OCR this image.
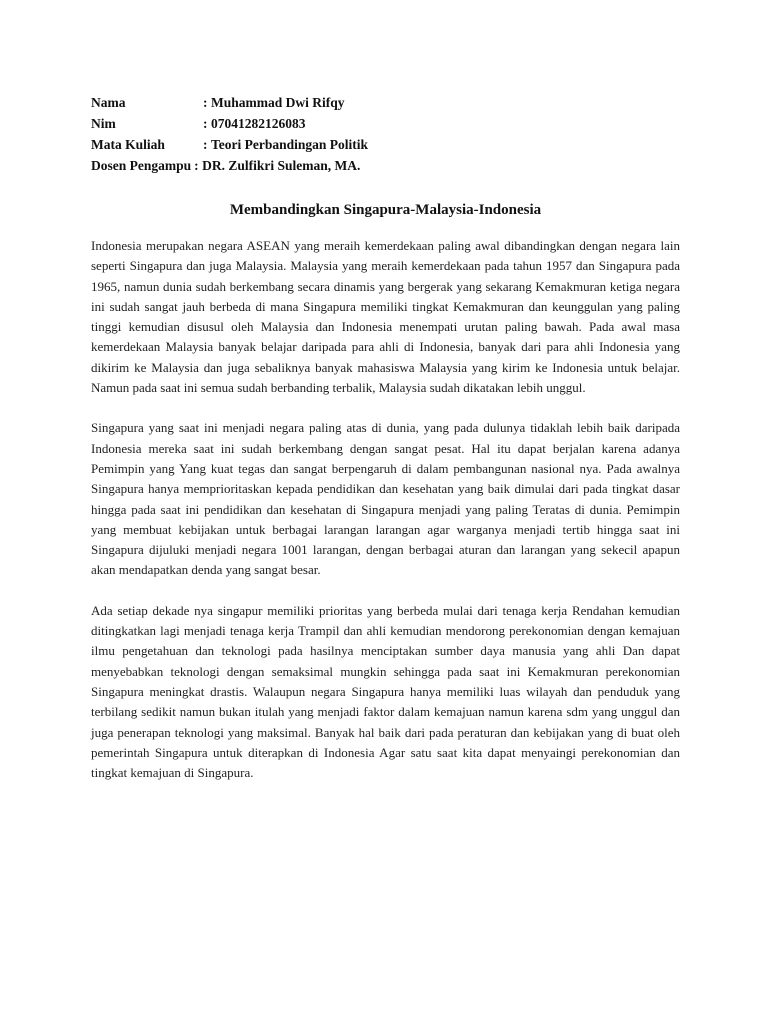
Nama	: Muhammad Dwi Rifqy
Nim	: 07041282126083
Mata Kuliah	: Teori Perbandingan Politik
Dosen Pengampu : DR. Zulfikri Suleman, MA.
Membandingkan Singapura-Malaysia-Indonesia

Indonesia merupakan negara ASEAN yang meraih kemerdekaan paling awal dibandingkan dengan negara lain seperti Singapura dan juga Malaysia. Malaysia yang meraih kemerdekaan pada tahun 1957 dan Singapura pada 1965, namun dunia sudah berkembang secara dinamis yang bergerak yang sekarang Kemakmuran ketiga negara ini sudah sangat jauh berbeda di mana Singapura memiliki tingkat Kemakmuran dan keunggulan yang paling tinggi kemudian disusul oleh Malaysia dan Indonesia menempati urutan paling bawah. Pada awal masa kemerdekaan Malaysia banyak belajar daripada para ahli di Indonesia, banyak dari para ahli Indonesia yang dikirim ke Malaysia dan juga sebaliknya banyak mahasiswa Malaysia yang kirim ke Indonesia untuk belajar. Namun pada saat ini semua sudah berbanding terbalik, Malaysia sudah dikatakan lebih unggul.

Singapura yang saat ini menjadi negara paling atas di dunia, yang pada dulunya tidaklah lebih baik daripada Indonesia mereka saat ini sudah berkembang dengan sangat pesat. Hal itu dapat berjalan karena adanya Pemimpin yang Yang kuat tegas dan sangat berpengaruh di dalam pembangunan nasional nya. Pada awalnya Singapura hanya memprioritaskan kepada pendidikan dan kesehatan yang baik dimulai dari pada tingkat dasar hingga pada saat ini pendidikan dan kesehatan di Singapura menjadi yang paling Teratas di dunia. Pemimpin yang membuat kebijakan untuk berbagai larangan larangan agar warganya menjadi tertib hingga saat ini Singapura dijuluki menjadi negara 1001 larangan, dengan berbagai aturan dan larangan yang sekecil apapun akan mendapatkan denda yang sangat besar.

Ada setiap dekade nya singapur memiliki prioritas yang berbeda mulai dari tenaga kerja Rendahan kemudian ditingkatkan lagi menjadi tenaga kerja Trampil dan ahli kemudian mendorong perekonomian dengan kemajuan ilmu pengetahuan dan teknologi pada hasilnya menciptakan sumber daya manusia yang ahli Dan dapat menyebabkan teknologi dengan semaksimal mungkin sehingga pada saat ini Kemakmuran perekonomian Singapura meningkat drastis. Walaupun negara Singapura hanya memiliki luas wilayah dan penduduk yang terbilang sedikit namun bukan itulah yang menjadi faktor dalam kemajuan namun karena sdm yang unggul dan juga penerapan teknologi yang maksimal. Banyak hal baik dari pada peraturan dan kebijakan yang di buat oleh pemerintah Singapura untuk diterapkan di Indonesia Agar satu saat kita dapat menyaingi perekonomian dan tingkat kemajuan di Singapura.
